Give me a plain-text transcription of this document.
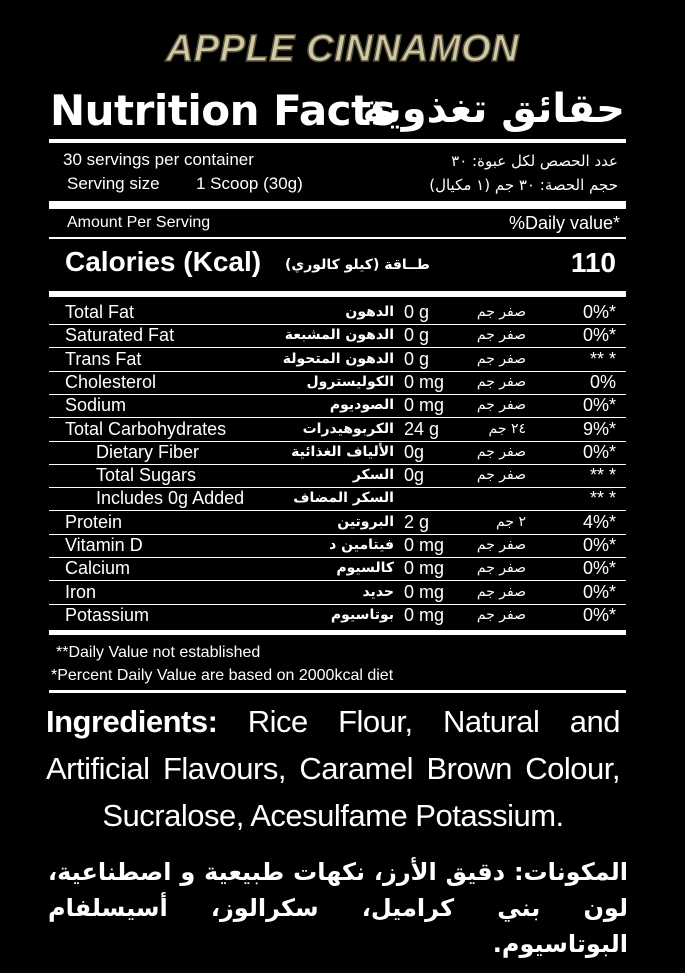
APPLE CINNAMON
Nutrition Facts
حقائق تغذوية
30 servings per container
Serving size 1 Scoop (30g)
عدد الحصص لكل عبوة: ٣٠
حجم الحصة: ٣٠ جم (١ مكيال)
Amount Per Serving	%Daily value*
Calories (Kcal) طــاقة (كيلو كالوري)	110
Total Fat	الدهون 0 g	صفر جم	0%*
Saturated Fat	الدهون المشبعة 0 g	صفر جم	0%*
Trans Fat	الدهون المتحولة 0 g	صفر جم	** *
Cholesterol	الكوليسترول 0 mg صفر جم	0%
Sodium	الصوديوم 0 mg صفر جم	0%*
Total Carbohydrates	الكربوهيدرات 24 g	٢٤ جم	9%*
Dietary Fiber	الألياف الغذائية 0g	صفر جم	0%*
Total Sugars	السكر 0g	صفر جم	** *
Includes 0g Added	السكر المضاف	** *
Protein	البروتين 2 g	٢ جم	4%*
Vitamin D	فيتامين د 0 mg صفر جم	0%*
Calcium	كالسيوم 0 mg صفر جم	0%*
Iron	حديد 0 mg صفر جم	0%*
Potassium	بوتاسيوم 0 mg صفر جم	0%*
**Daily Value not established
*Percent Daily Value are based on 2000kcal diet
Ingredients: Rice Flour, Natural and Artificial Flavours, Caramel Brown Colour, Sucralose, Acesulfame Potassium.
المكونات: دقيق الأرز، نكهات طبيعية و اصطناعية، لون بني كراميل، سكرالوز، أسيسلفام البوتاسيوم.
